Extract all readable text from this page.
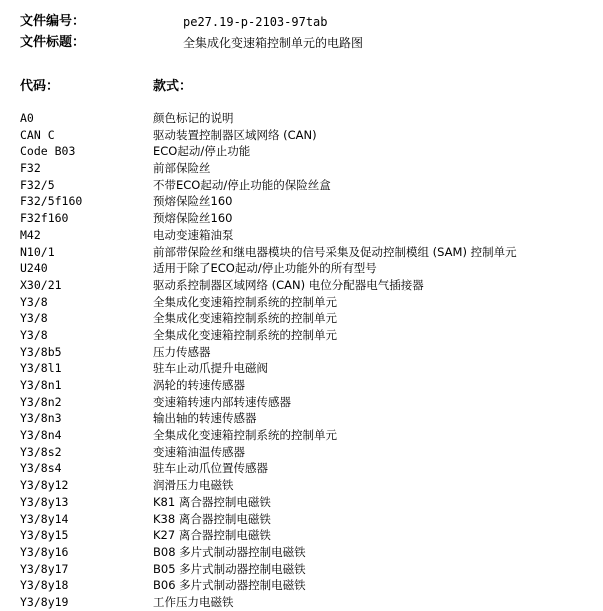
文件编号：	pe27.19-p-2103-97tab
文件标题：	全集成化变速箱控制单元的电路图
代码：	款式：
A0	颜色标记的说明
CAN C	驱动装置控制器区域网络 (CAN)
Code B03	ECO起动/停止功能
F32	前部保险丝
F32/5	不带ECO起动/停止功能的保险丝盒
F32/5f160	预熔保险丝160
F32f160	预熔保险丝160
M42	电动变速箱油泵
N10/1	前部带保险丝和继电器模块的信号采集及促动控制模组 (SAM) 控制单元
U240	适用于除了ECO起动/停止功能外的所有型号
X30/21	驱动系控制器区域网络 (CAN) 电位分配器电气插接器
Y3/8	全集成化变速箱控制系统的控制单元
Y3/8	全集成化变速箱控制系统的控制单元
Y3/8	全集成化变速箱控制系统的控制单元
Y3/8b5	压力传感器
Y3/8l1	驻车止动爪提升电磁阀
Y3/8n1	涡轮的转速传感器
Y3/8n2	变速箱转速内部转速传感器
Y3/8n3	输出轴的转速传感器
Y3/8n4	全集成化变速箱控制系统的控制单元
Y3/8s2	变速箱油温传感器
Y3/8s4	驻车止动爪位置传感器
Y3/8y12	润滑压力电磁铁
Y3/8y13	K81 离合器控制电磁铁
Y3/8y14	K38 离合器控制电磁铁
Y3/8y15	K27 离合器控制电磁铁
Y3/8y16	B08 多片式制动器控制电磁铁
Y3/8y17	B05 多片式制动器控制电磁铁
Y3/8y18	B06 多片式制动器控制电磁铁
Y3/8y19	工作压力电磁铁
